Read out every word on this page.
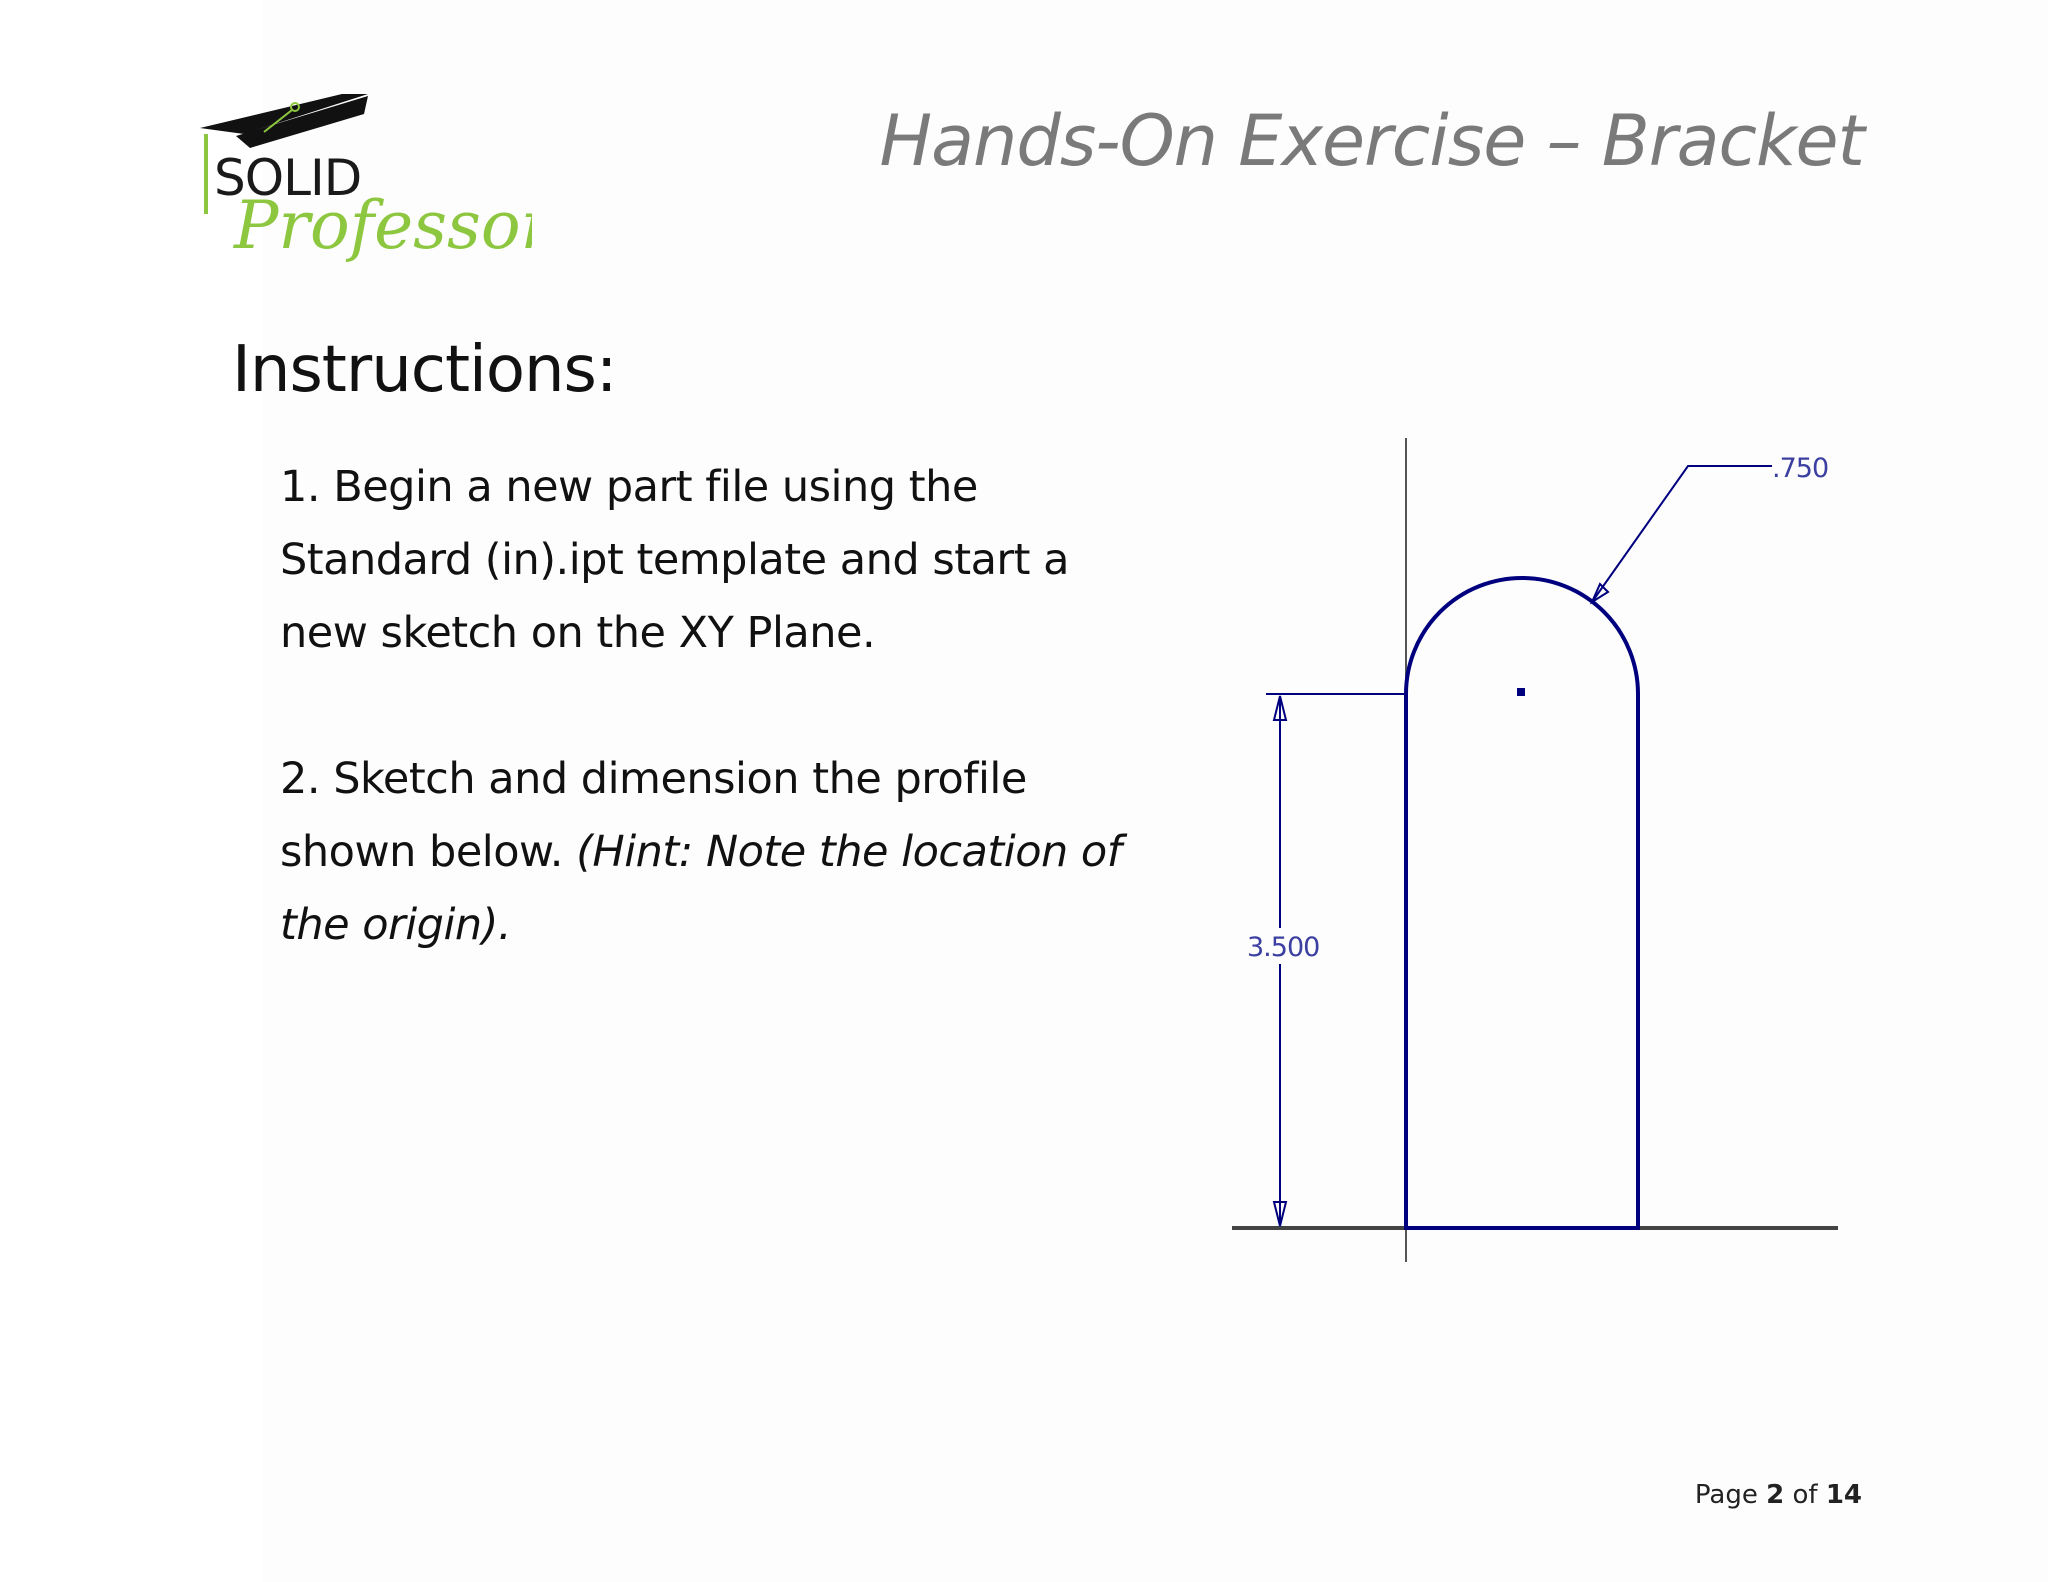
SOLID
Professor
Hands-On Exercise – Bracket
Instructions:

1. Begin a new part file using the Standard (in).ipt template and start a new sketch on the XY Plane.

2. Sketch and dimension the profile shown below. (Hint: Note the location of the origin).	3.500
.750
Page 2 of 14
